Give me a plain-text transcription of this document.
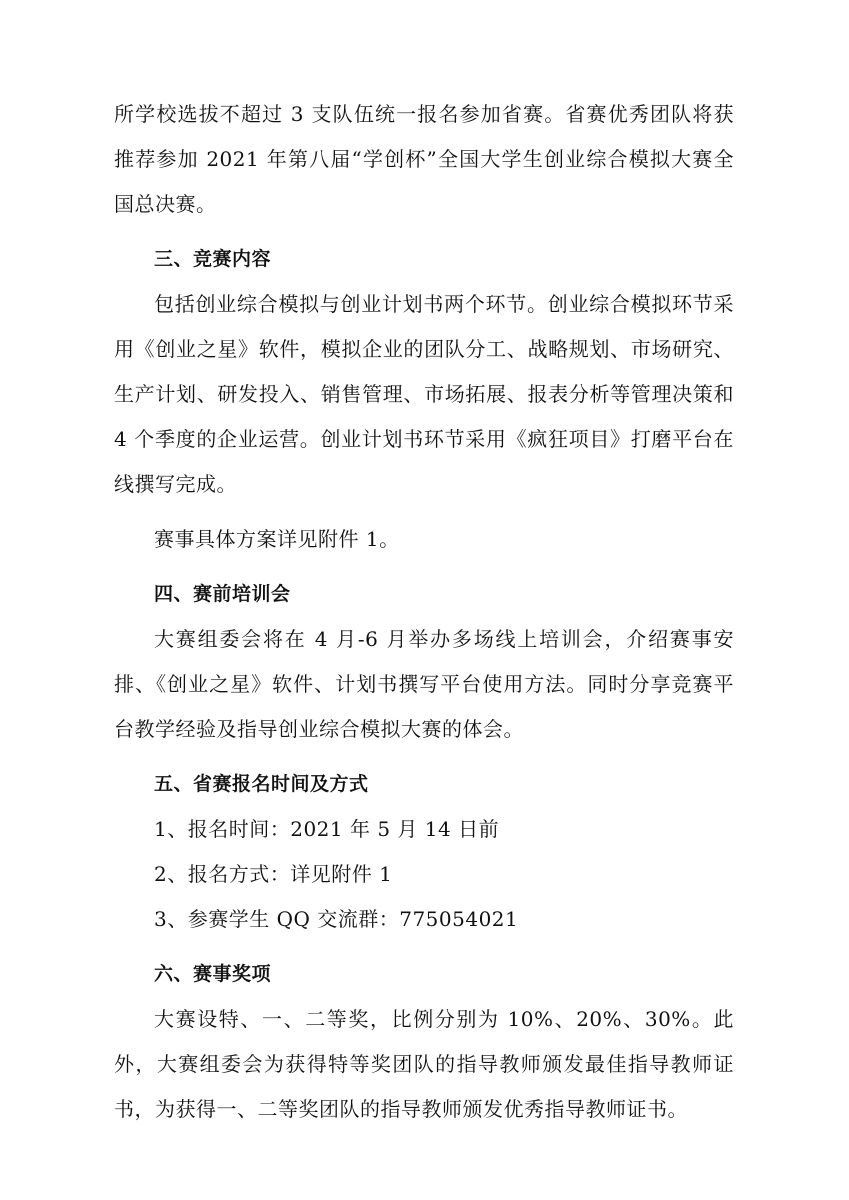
所学校选拔不超过 3 支队伍统一报名参加省赛。省赛优秀团队将获推荐参加 2021 年第八届“学创杯”全国大学生创业综合模拟大赛全国总决赛。

三、竞赛内容

包括创业综合模拟与创业计划书两个环节。创业综合模拟环节采用《创业之星》软件，模拟企业的团队分工、战略规划、市场研究、生产计划、研发投入、销售管理、市场拓展、报表分析等管理决策和 4 个季度的企业运营。创业计划书环节采用《疯狂项目》打磨平台在线撰写完成。

赛事具体方案详见附件 1。

四、赛前培训会

大赛组委会将在 4 月-6 月举办多场线上培训会，介绍赛事安排、《创业之星》软件、计划书撰写平台使用方法。同时分享竞赛平台教学经验及指导创业综合模拟大赛的体会。

五、省赛报名时间及方式

1、报名时间：2021 年 5 月 14 日前

2、报名方式：详见附件 1

3、参赛学生 QQ 交流群：775054021

六、赛事奖项

大赛设特、一、二等奖，比例分别为 10%、20%、30%。此外，大赛组委会为获得特等奖团队的指导教师颁发最佳指导教师证书，为获得一、二等奖团队的指导教师颁发优秀指导教师证书。
